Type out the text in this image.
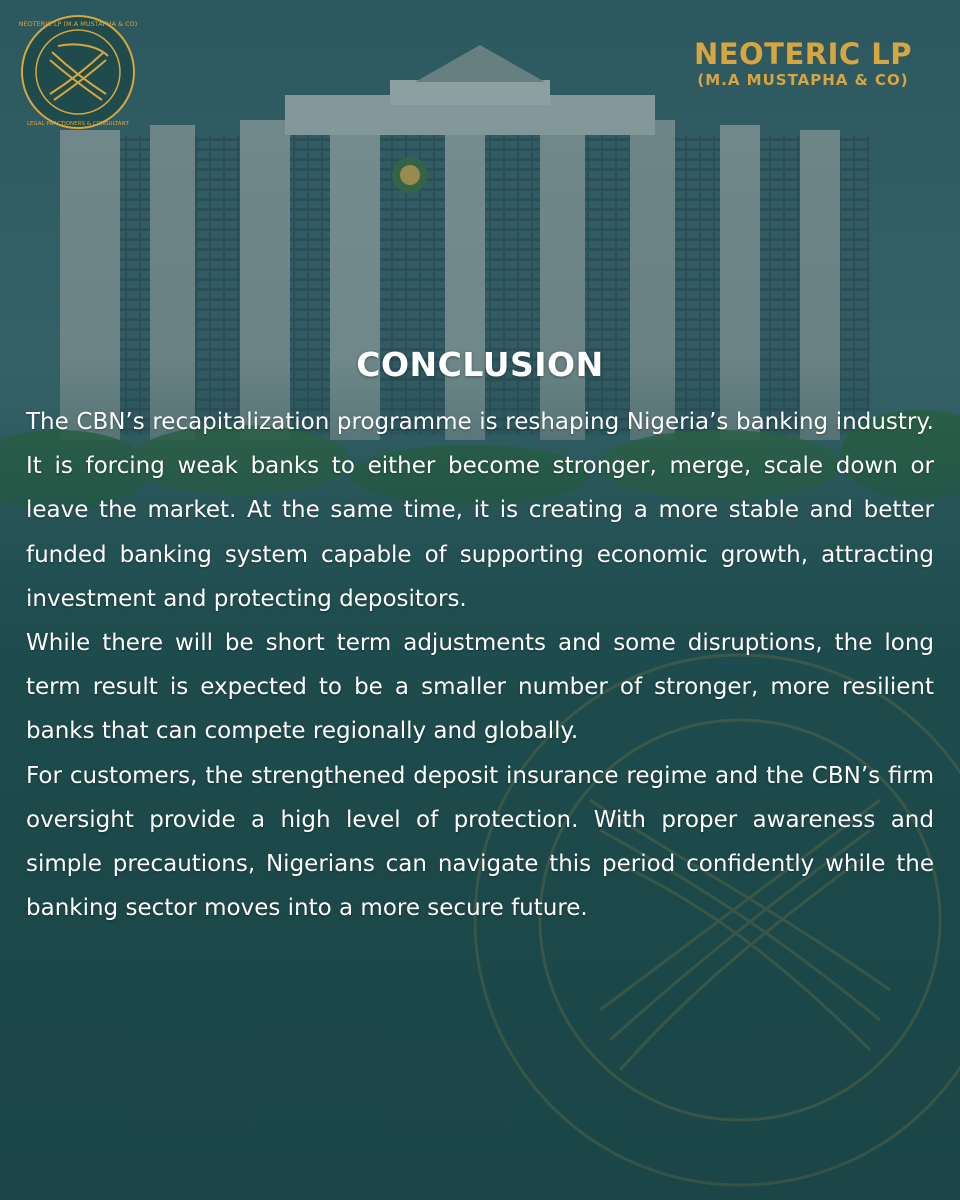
NEOTERIC LP (M.A MUSTAPHA & CO)
LEGAL PRACTIONERS & CONSULTANT
NEOTERIC LP
(M.A MUSTAPHA & CO)
CONCLUSION

The CBN’s recapitalization programme is reshaping Nigeria’s banking industry. It is forcing weak banks to either become stronger, merge, scale down or leave the market. At the same time, it is creating a more stable and better funded banking system capable of supporting economic growth, attracting investment and protecting depositors.

While there will be short term adjustments and some disruptions, the long term result is expected to be a smaller number of stronger, more resilient banks that can compete regionally and globally.

For customers, the strengthened deposit insurance regime and the CBN’s firm oversight provide a high level of protection. With proper awareness and simple precautions, Nigerians can navigate this period confidently while the banking sector moves into a more secure future.
